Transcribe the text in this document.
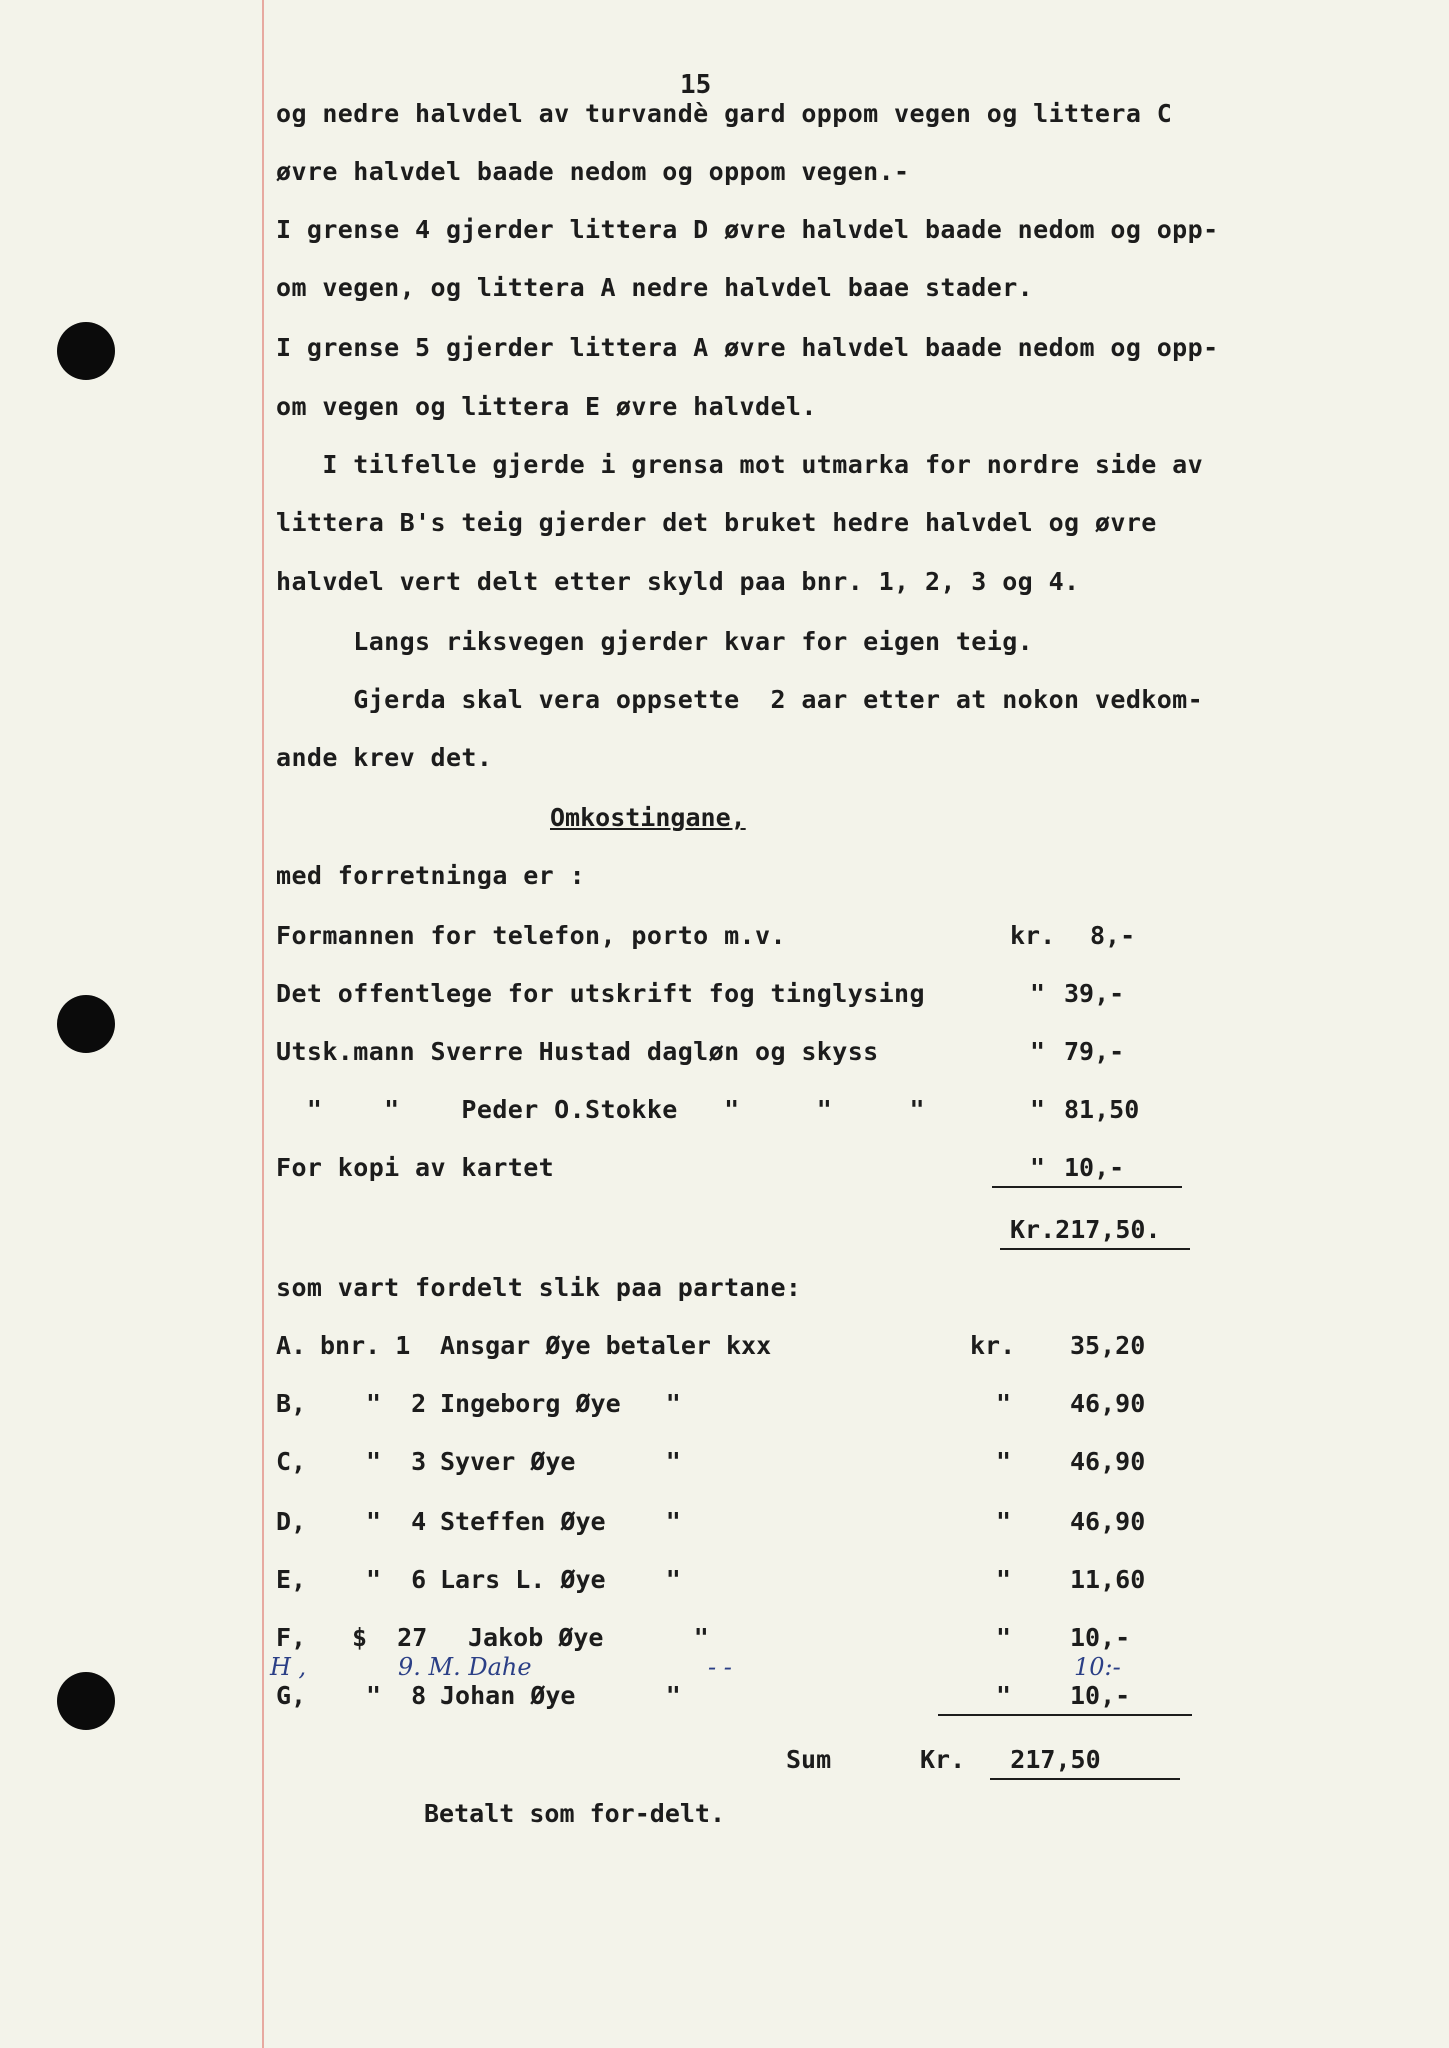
15
og nedre halvdel av turvandè gard oppom vegen og littera C
øvre halvdel baade nedom og oppom vegen.-
I grense 4 gjerder littera D øvre halvdel baade nedom og opp-
om vegen, og littera A nedre halvdel baae stader.
I grense 5 gjerder littera A øvre halvdel baade nedom og opp-
om vegen og littera E øvre halvdel.
I tilfelle gjerde i grensa mot utmarka for nordre side av
littera B's teig gjerder det bruket hedre halvdel og øvre
halvdel vert delt etter skyld paa bnr. 1, 2, 3 og 4.
Langs riksvegen gjerder kvar for eigen teig.
Gjerda skal vera oppsette  2 aar etter at nokon vedkom-
ande krev det.
Omkostingane,
med forretninga er :
Formannen for telefon, porto m.v.	kr. 8,-
Det offentlege for utskrift fog tinglysing	" 39,-
Utsk.mann Sverre Hustad dagløn og skyss	" 79,-
"    "    Peder O.Stokke   "     "     "	" 81,50
For kopi av kartet	" 10,-
Kr.217,50.
som vart fordelt slik paa partane:
A. bnr. 1 Ansgar Øye betaler kxx	kr. 35,20
B, "  2 Ingeborg Øye   "	" 46,90
C, "  3 Syver Øye      "	" 46,90
D, "  4 Steffen Øye    "	" 46,90
E, "  6 Lars L. Øye    "	" 11,60
F, $  27 Jakob Øye      "	" 10,-
H ,	9. M. Dahe	- -	10:-
G, "  8 Johan Øye      "	" 10,-
Sum	Kr.   217,50
Betalt som for-delt.
